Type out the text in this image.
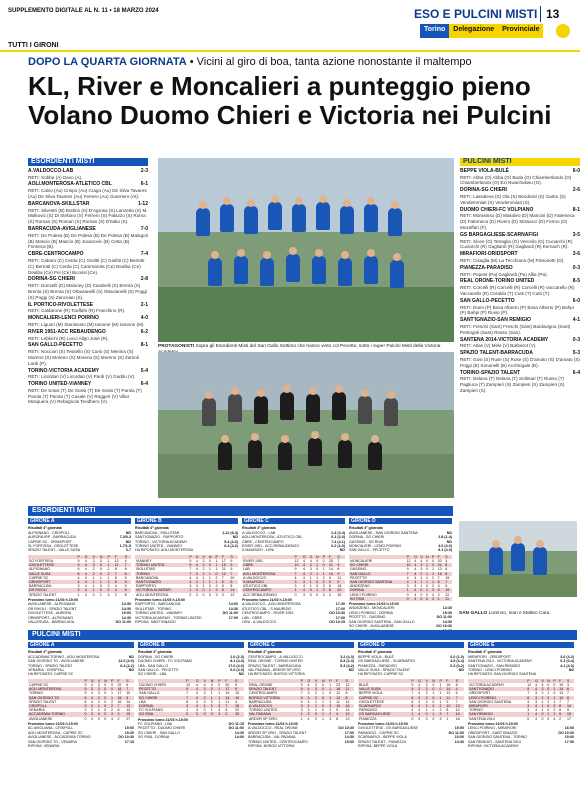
SUPPLEMENTO DIGITALE AL N. 11 • 18 MARZO 2024	ESO E PULCINI MISTI 13
Torino	Delegazione	Provinciale
TUTTI I GIRONI
DOPO LA QUARTA GIORNATA • Vicini al giro di boa, tanta azione nonostante il maltempo
KL, River e Moncalieri a punteggio pieno
Volano Duomo Chieri e Victoria nei Pulcini
ESORDIENTI MISTI
A.VALDOCCO-LAB	2-3
RETI: Sobba (A) Davo (A).
AOLI.MONTEROSA-ATLETICO CBL	6-1
RETI: Calvo (Au) Crispo (Au) Crago (Au) De Silva Tavares (Au) De Silva Tavares (Au) Ferrero (Au) Guerriero (At).
BARCANOVA-SKILLSTAR	1-12
RETI: Silvestri (B) Bottino (S) D'Agrosa (S) Lanzetta (S) M. Malkovic (S) Di Stefano (S) Ferrero (S) Palazzo (S) Roma (S) Roman (S) Roman (S) Roman (S) D'Italia (S).
BARRACUDA-AVIGLIANESE	7-0
RETI: De Polesa (B) De Polesa (B) De Polesa (B) Malagoli (B) Mascio (B) Mascio (B) Jovanovic (B) Cetta (B) Fonseca (B).
CBRE-CENTROCAMPO	7-4
RETI: Cabaro (C) Cerda (C) Giolitti (C) Giolitti (C) Bertotti (C) Bertotti (C) Cerda (C) Cammarota (Ce) Dealba (Ce) Dealba (Ce) Pei (Ce) Bicossi (Ce).
DORINA-SG CHIERI	2-8
RETI: Donzelli (D) Maloney (D) Carabelli (S) Brenta (S) Brenta (S) Brenta (S) Ottavianelli (S) Ottavianelli (S) Poggi (S) Poggi (S) Zancolan (S).
IL PORTICO-RIVOLETTESE	2-1
RETI: Caldarone (R) Touffahi (R) Franchino (R).
MONCALIERI-LENCI POIRINO	4-0
RETI: Liguori (M) Stanisonio (M) Iamone (M) Iamone (M).
RIVER 1951-ACC REBAUDENGO	6-2
RETI: Lebkichi (R) Lecci Allgo Jose (R).
SAN GALLO-PECETTO	8-1
RETI: Nocciari (S) Tesitello (S) Corsi (S) Mennia (S) Moreno (S) Moreno (S) Moreno (S) Moreno (S) Zamoli Lardi (P).
TORINO-VICTORIA ACADEMY	5-4
RETI: Licordari (V) Licordari (V) Pardi (V) Gaddu (V).
TORINO UNITED-VIANNEY	6-4
RETI: De Sossi (T) De Sossi (T) De Sossi (T) Parola (T) Parola (T) Parola (T) Casale (V) Ruggeri (V) Villar Mosquera (V) Rebagnois Teodhero (V).
PULCINI MISTI
BEPPE VIOLA-BULÉ	6-0
RETI: Abba (O) Abba (O) Bada (O) Chiamberlando (O) Chiamberlando (O) Ezi Nwachukwu (O).
DORINA-SG CHIERI	2-6
RETI: Lassaleva (S) Ola (S) Bendinisi (S) Garbo (S) Vendemmiati (S) Vendemmiati (S).
DUOMO CHIERI-FC VOLPIANO	8-1
RETI: Morasinso (D) Masoleo (D) Mancini (D) Fatemeca (D) Fatemeca (D) Rivero (D) Stissacci (D) Fermo (D) Mozaffari (F).
GS BARGAGLIESE-SCARNAFIGI	3-5
RETI: Sicee (G) Tetraglia (G) Vercelio (G) Cuciarchi (R) Cuciarchi (R) Gagliardi (R) Gagliardi (R) Kernach (R).
MIRAFIORI-ORIDSPORT	3-6
RETI: Cisaglia (M) La Tricchiana (M) Pissonetti (O).
PIANEZZA-PARADISO	0-3
RETI: Pepeni (Pa) Gagliardi (Pa) Allia (Pa).
REAL ORONE-TORINO UNITED	8-5
RETI: Corcelli (R) Corcelli (R) Corcelli (R) Vaccarello (R) Vaccarello (R) Ceraldo (T) Cutti (T) Cutti (T).
SAN GALLO-PECETTO	6-0
RETI: Durio (P) Bosa Alberto (P) Bosa Alberto (P) Bahpi (P) Bahpi (P) Ruvio (P).
SANT'IGNAZIO-SAN REMIGIO	4-1
RETI: Freschi (Sant) Freschi (Sant) Bardavigna (Sant) Pertingoli (Sant) Rosso (San).
SANTENA 2014-VICTORIA ACADEMY	0-3
RETI: Atlas (V) Mele (V) Barberot (V).
SPAZIO TALENT-BARRACUDA	5-3
RETI: Gosi (S) Ruse (S) Ruse (S) D'amato (S) D'amato (S) Poggi (B) Sonanelli (B) Acchingale (B).
TORINO-SPAZIO TALENT	6-4
RETI: Delana (T) Delana (T) Soltinari (T) Russo (T) Pagliuca (T) Zampieri (S) Zampieri (S) Zampieri (S) Zampieri (S).
PROTAGONISTI Sopra gli Esordienti Misti del San Gallo Settimo che hanno vinto col Pecetto, sotto i super Pulcini Misti della Victoria
ESORDIENTI MISTI
GIRONE A
Risultati 4ª giornata
ALPIGNANO - CRISPOLL	ND
AURORA IRP - BARRACUDA	7-0/0-3
CAPRIE SC - ORNISPORT	ND
SL FORTISSA - GROLETTESE	1-7/1-5
SPAZIO TALENT - VALLE SUSA	3-7
	P	G	V	N	P	F	S
SG FORTISSA	9	4	3	0	1	12	4
GIVOLETTESE	9	4	3	0	1	11	7
ALPIGNANO	6	4	2	0	2	8	8
VALLE SUSA	6	4	2	0	2	7	6
CAPRIE SC	4	3	1	1	1	5	5
ORNISPORT	4	4	1	1	2	6	9
BARRACUDA	3	4	1	0	3	4	9
DR RIVOLI	3	3	1	0	2	3	6
SPAZIO TALENT	1	4	0	1	3	2	8
Prossimo turno 21/03 h.15:00
AVIGLIANESE - ALPIGNANO	14:30
DR RIVOLI - SPAZIO TALENT	14:30
GIVOLETTESE - AURORA	15:00
ORNISPORT - ALPIGNANO	14:30
VALLESUSA - BARRACUDA	DO 11:00
GIRONE B
Risultati 4ª giornata
BARCANOVA - SKILLSTAR	1-12 (6-4)
SANT'IGNAZIO - RAPPORTO	ND
TORINO - VICTORIA ACADEMY	5-4 (4-0)
TORINO UNITED - VIANNEY	6-4 (4-2)
HA RIPOSATO: AOLI.MONTEROSA
	P	G	V	N	P	F	S
VIANNEY	9	4	3	0	1	17	9
TORINO UNITED	9	4	3	0	1	15	9
SKILLSTAR	7	4	2	1	1	21	9
TORINO	7	3	2	1	0	12	7
BARCANOVA	4	4	1	1	2	7	20
SANT'IGNAZIO	4	3	1	1	1	6	6
RAPPORTO	3	3	1	0	2	5	8
VICTORIA ACADEMY	1	4	0	1	3	8	14
AOLI.MONTEROSA	0	3	0	0	3	3	12
Prossimo turno 21/03 h.15:00
RAPPORTO - BARCANOVA	14:00
SKILLSTAR - TORINO	14:30
TORINO UNITED - VIANNEY	DO 11:00
VICTORIA ACADEMY - TORINO UNITED	17:00
RIPOSA: SANT'IGNAZIO
GIRONE C
Risultati 4ª giornata
A.VALDOCCO - LAB	2-3 (3-4)
AOLI.MONTEROSA - ATLETICO CBL	6-1 (2-0)
CBRE - CENTROCAMPO	7-4 (4-1)
RIVER 1951 - ACC.REBAUDENGO	6-2 (2-0)
S.MAURIZIO - LENI	ND
	P	G	V	N	P	F	S
RIVER 1951	12	4	4	0	0	25	7
CBRE	10	4	3	1	0	21	9
LAB	9	4	3	0	1	14	8
AOLI.MONTEROSA	7	4	2	1	1	15	9
A.VALDOCCO	4	4	1	1	2	9	11
S.MAURIZIO	3	3	1	0	2	5	9
ATLETICO CBL	3	4	1	0	3	6	18
CENTROCAMPO	1	4	0	1	3	8	20
ACC.REBAUDENGO	0	3	0	0	3	3	15
Prossimo turno 21/03 h.15:00
A.VALDOCCO - AOLI.MONTEROSA	17:30
ATLETICO CBL - S.MAURIZIO	17:00
CENTROCAMPO - RIVER 1951	DO 10:30
LAB - CBRE	17:00
LENI - A.VALDOCCO	DO 10:15
GIRONE D
Risultati 4ª giornata
AVIGLIANESE - SAN GIORGIO SANTENA	ND
DORINA - SG CHIERI	2-8 (1-4)
GASSINO - SG RIVA	ND
MONCALIERI - LENCI POIRINO	4-0 (4-0)
SAN GALLO - PECETTO	8-1 (4-0)
	P	G	V	N	P	F	S
MONCALIERI	12	4	4	0	0	20	3
SG CHIERI	10	4	3	1	0	24	8
GASSINO	9	4	3	0	1	13	6
SAN GALLO	7	4	2	1	1	16	8
PECETTO	4	4	1	1	2	7	15
SAN GIORGIO SANTENA	4	3	1	1	1	6	7
ANDEZENO	3	3	1	0	2	4	9
DORINA	1	4	0	1	3	5	19
LENCI POIRINO	0	4	0	0	4	2	22
SG RIVA	0	3	0	0	3	1	11
Prossimo turno 21/03 h.15:00
ANDEZENO - MONCALIERI	14:30
LENCI POIRINO - DORINA	15:30
PECETTO - GASSINO	DO 11:00
SAN GIORGIO SANTENA - SAN GALLO	14:30
SG CHIERI - AVIGLIANESE	DO 10:30
SAN GALLO Lorenzo, Ivan e Matteo Cara
PULCINI MISTI
GIRONE A
Risultati 4ª giornata
ACCADEMIA TORINO - AOLI.MONTEROSA	ND
SAN GIORGIO TO - AVIGLIANESE	12-0 (4-0)
TORINO - SPAZIO TALENT	6-4 (2-2)
VENARIA - CRISPOLL	ND
HA RIPOSATO: CAPRIE SC
	P	G	V	N	P	F	S
CAPRIE SC	9	3	3	0	0	22	6
AOLI.MONTEROSA	9	3	3	0	0	18	7
TORINO	9	4	3	0	1	17	10
SAN GIORGIO TO	6	3	2	0	1	18	5
SPAZIO TALENT	6	4	2	0	2	16	14
CRISPOLL	3	3	1	0	2	7	12
VENARIA	3	3	1	0	2	6	13
ACCADEMIA TORINO	0	3	0	0	3	3	15
AVIGLIANESE	0	4	0	0	4	2	27
Prossimo turno 21/03 h.15:00
AC AVIGLIANA - CRISPOLL	15:00
AOLI.MONTEROSA - CAPRIE SC	15:30
AVIGLIANESE - ACCADEMIA TORINO	DO 10:30
SAN GIORGIO TO - VENARIA	17:15
RIPOSA: VENARIA
GIRONE B
Risultati 4ª giornata
DORINA - SG CHIERI	2-6 (2-3)
DUOMO CHIERI - FC VOLPIANO	8-1 (4-0)
LBA - SAN GALLO	17-0 (4-0)
SAN GALLO - PECETTO	6-0 (4-0)
SG CHIERI - LBA	ND
	P	G	V	N	P	F	S
DUOMO CHIERI	12	4	4	0	0	30	5
PECETTO	9	4	3	0	1	17	9
SAN GALLO	7	4	2	1	1	15	10
SG CHIERI	7	4	2	1	1	14	10
LBA	6	3	2	0	1	21	4
DORINA	3	4	1	0	3	7	16
FC VOLPIANO	1	4	0	1	3	5	22
SG RIVA	0	3	0	0	3	2	35
Prossimo turno 21/03 h.15:00
FC VOLPIANO - LBA	DO 11:15
PECETTO - DUOMO CHIERI	DO 11:00
SG CHIERI - SAN GALLO	14:30
SG RIVA - DORINA	14:00
GIRONE C
Risultati 4ª giornata
CENTROCAMPO - A.VALDOCCO	3-2 (4-3)
REAL ORONE - TORINO UNITED	8-5 (3-3)
SPAZIO TALENT - BARRACUDA	5-3 (4-2)
VAL PADANA - ARDOR SP ORO	ND
HA RIPOSATO: BORGO VITTORIA
	P	G	V	N	P	F	S
REAL ORONE	9	4	3	0	1	23	12
SPAZIO TALENT	9	4	3	0	1	18	11
CENTROCAMPO	7	3	2	1	0	12	8
BORGO VITTORIA	6	3	2	0	1	13	8
BARRACUDA	4	4	1	1	2	11	14
A.VALDOCCO	3	4	1	0	3	10	16
TORINO UNITED	3	3	1	0	2	9	14
VAL PADANA	1	3	0	1	2	4	10
ARDOR SP ORO	1	4	0	1	3	6	13
Prossimo turno 21/03 h.15:00
A.VALDOCCO - REAL ORONE	DO 10:30
ARDOR SP ORO - SPAZIO TALENT	17:00
BARRACUDA - VAL PADANA	14:30
TORINO UNITED - CENTROCAMPO	15:00
RIPOSA: BORGO VITTORIA
GIRONE D
Risultati 4ª giornata
BEPPE VIOLA - BULÉ	6-0 (1-0)
GS BARGAGLIESE - SCARNAFIGI	3-5 (3-4)
PIANEZZA - PARADISO	0-3 (0-2)
VALLE SUSA - SPAZIO TALENT	ND
HA RIPOSATO: CAPRIE SC
	P	G	V	N	P	F	S
BULÉ	9	4	3	0	1	16	8
VALLE SUSA	9	3	3	0	0	14	4
BEPPE VIOLA	7	4	2	1	1	13	6
CAPRIE SC	6	3	2	0	1	11	7
GIVOLETTESE	6	3	2	0	1	9	7
SCARNAFIGI	6	4	2	0	2	12	13
PARADISO	4	4	1	1	2	8	12
GS BARGAGLIESE	1	4	0	1	3	7	16
PIANEZZA	0	3	0	0	3	1	18
Prossimo turno 21/03 h.15:00
GIVOLETTESE - GS BARGAGLIESE	15:00
PARADISO - CAPRIE SC	DO 11:00
SCARNAFIGI - BEPPE VIOLA	16:00
SPAZIO TALENT - PIANEZZA	14:30
RIPOSA: BEPPE VIOLA
GIRONE E
Risultati 4ª giornata
MIRAFIORI - ORIDSPORT	3-6 (4-2)
SANTENA 2014 - VICTORIA ACADEMY	0-3 (0-4)
SANT'IGNAZIO - SAN REMIGIO	4-1 (4-0)
TORINO - LENCI POIRINO	ND
HA RIPOSATO: SAN GIORGIO SANTENA
	P	G	V	N	P	F	S
VICTORIA ACADEMY	12	4	4	0	0	19	3
SANT'IGNAZIO	9	4	3	0	1	14	6
ORIDSPORT	7	3	2	1	0	13	7
LENCI POIRINO	6	3	2	0	1	10	6
SAN GIORGIO SANTENA	4	3	1	1	1	7	7
MIRAFIORI	3	4	1	0	3	8	14
TORINO	3	3	1	0	2	6	9
SAN REMIGIO	1	4	0	1	3	5	15
SANTENA 2014	0	4	0	0	4	2	17
Prossimo turno 21/03 h.15:00
LENCI POIRINO - MIRAFIORI	16:00
ORIDSPORT - SANT'IGNAZIO	DO 10:30
SAN GIORGIO SANTENA - TORINO	15:00
SAN REMIGIO - SANTENA 2014	17:30
RIPOSA: VICTORIA ACADEMY
